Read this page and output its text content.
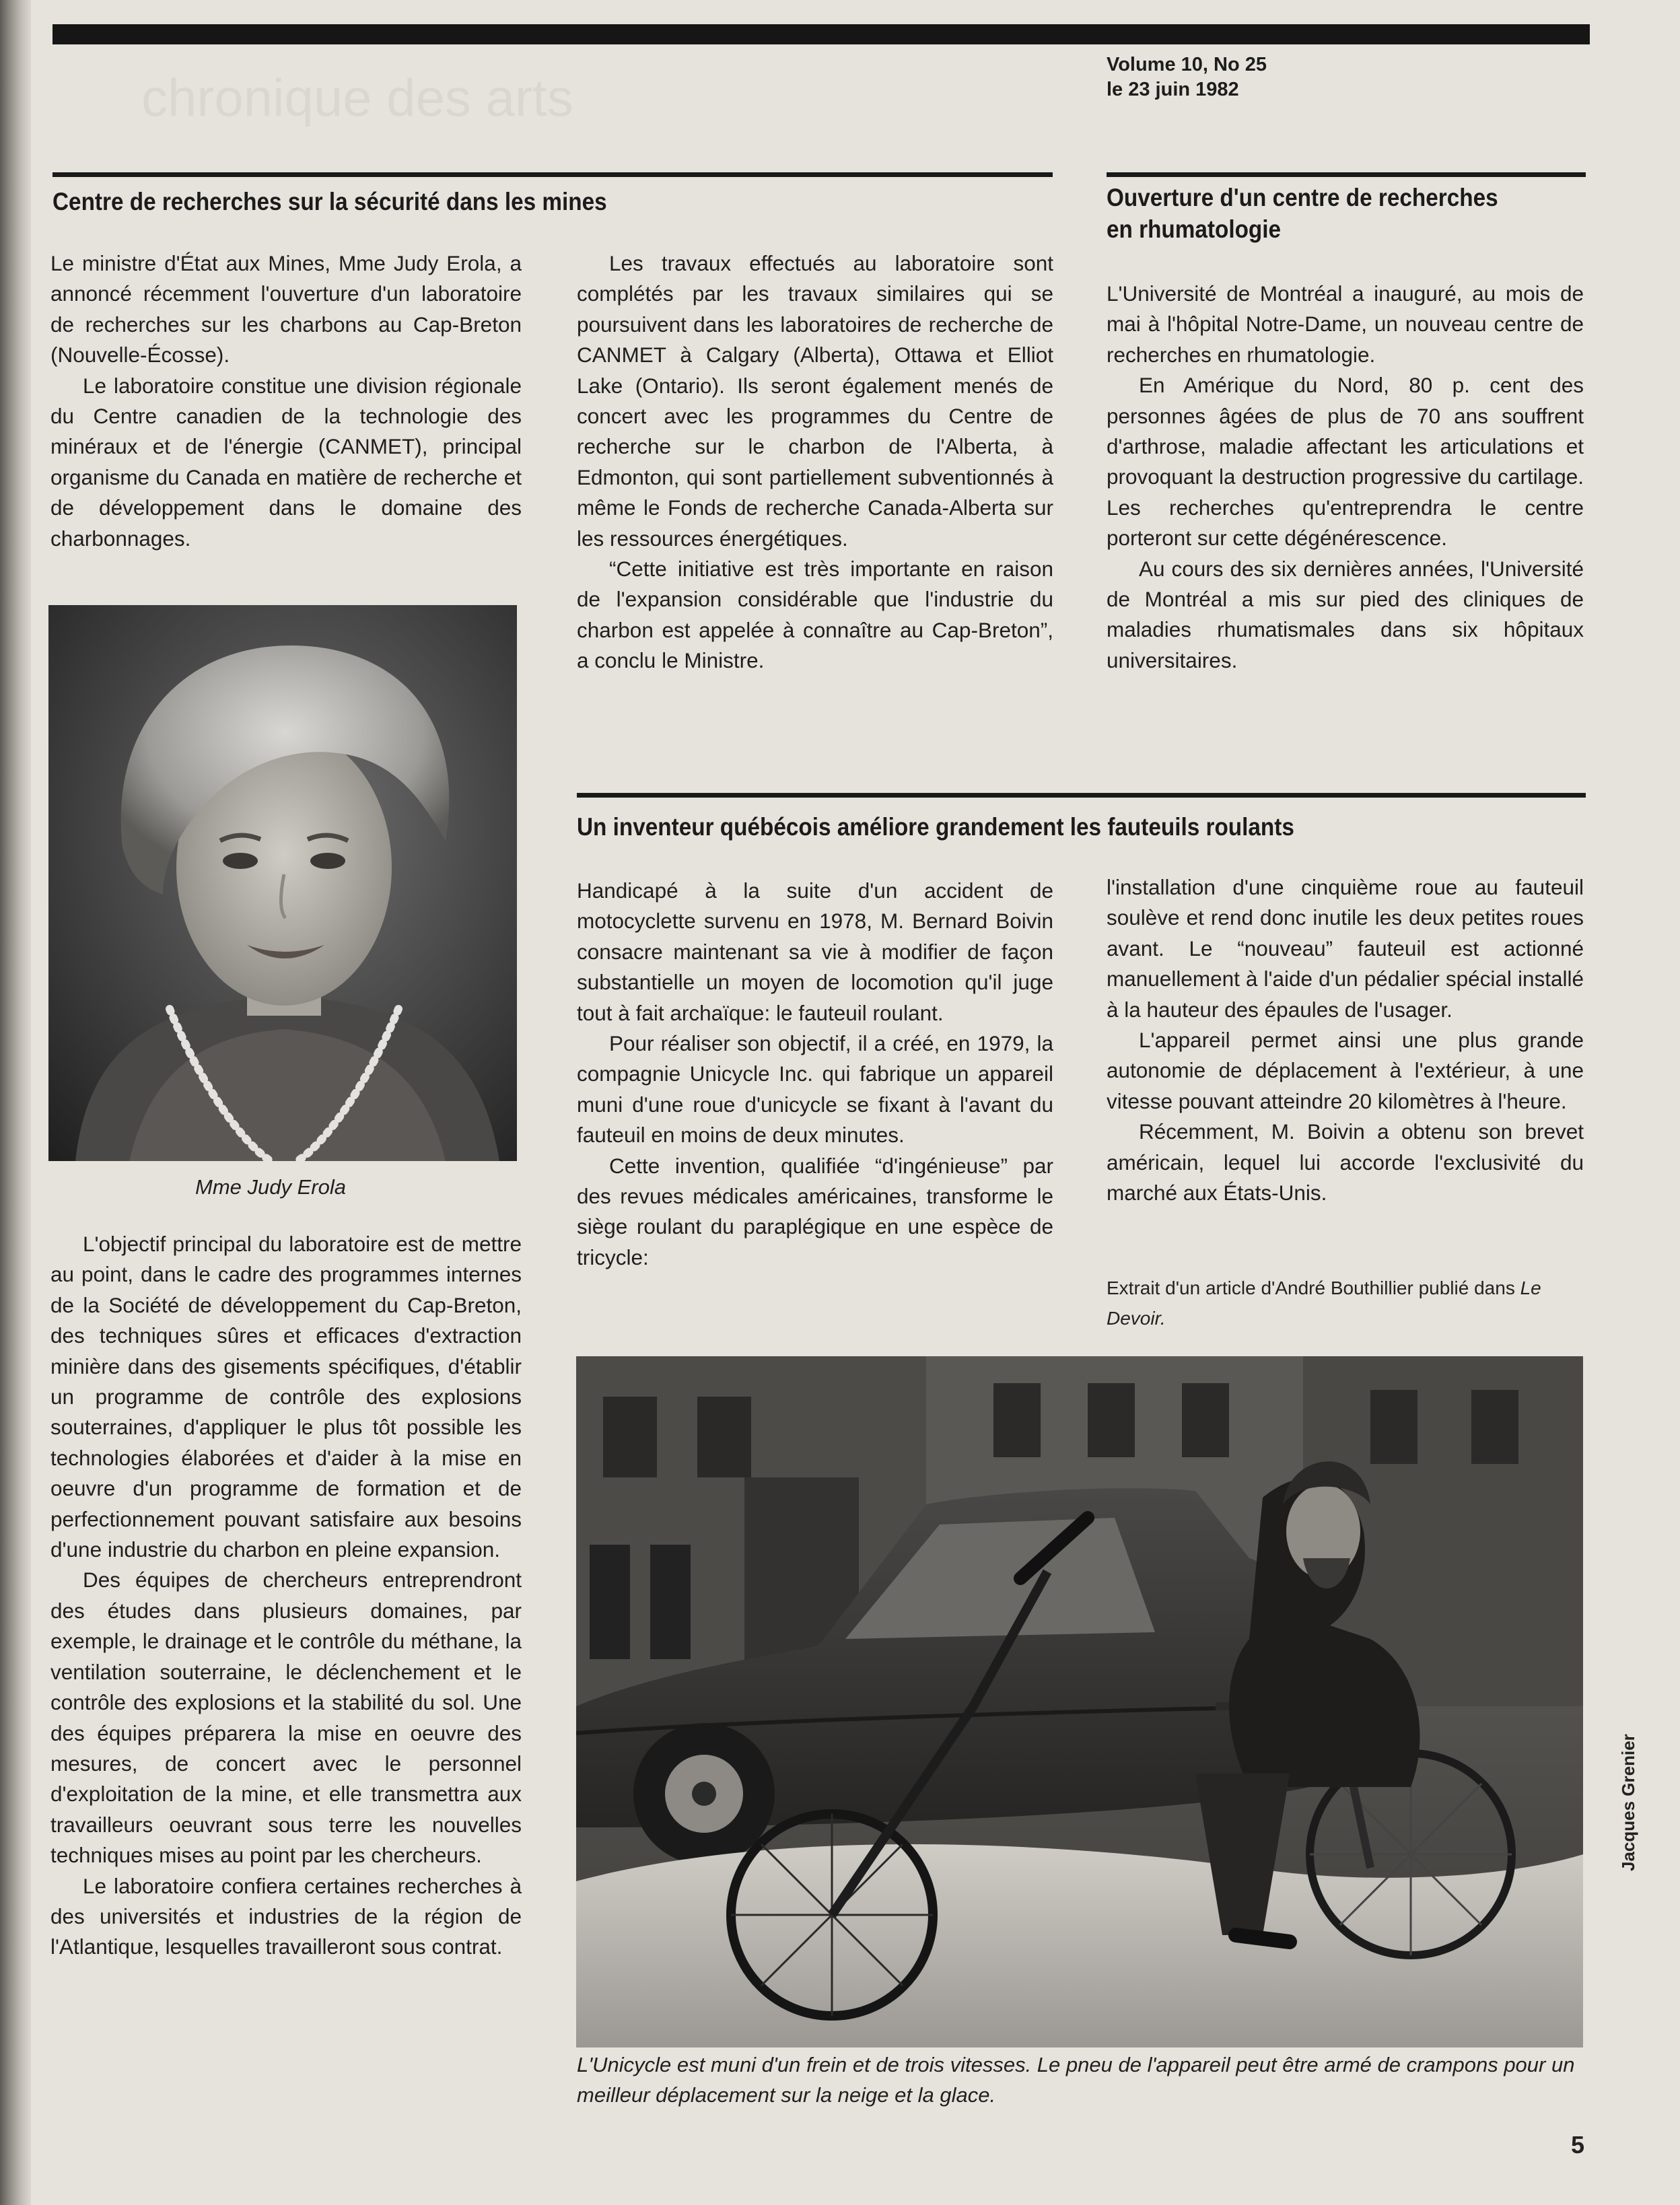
chronique des arts
Volume 10, No 25
le 23 juin 1982
Centre de recherches sur la sécurité dans les mines

Le ministre d'État aux Mines, Mme Judy Erola, a annoncé récemment l'ouverture d'un laboratoire de recherches sur les charbons au Cap-Breton (Nouvelle-Écosse).

Le laboratoire constitue une division régionale du Centre canadien de la technologie des minéraux et de l'énergie (CANMET), principal organisme du Canada en matière de recherche et de développement dans le domaine des charbonnages.

Mme Judy Erola

L'objectif principal du laboratoire est de mettre au point, dans le cadre des programmes internes de la Société de développement du Cap-Breton, des techniques sûres et efficaces d'extraction minière dans des gisements spécifiques, d'établir un programme de contrôle des explosions souterraines, d'appliquer le plus tôt possible les technologies élaborées et d'aider à la mise en oeuvre d'un programme de formation et de perfectionnement pouvant satisfaire aux besoins d'une industrie du charbon en pleine expansion.

Des équipes de chercheurs entreprendront des études dans plusieurs domaines, par exemple, le drainage et le contrôle du méthane, la ventilation souterraine, le déclenchement et le contrôle des explosions et la stabilité du sol. Une des équipes préparera la mise en oeuvre des mesures, de concert avec le personnel d'exploitation de la mine, et elle transmettra aux travailleurs oeuvrant sous terre les nouvelles techniques mises au point par les chercheurs.

Le laboratoire confiera certaines recherches à des universités et industries de la région de l'Atlantique, lesquelles travailleront sous contrat.

Les travaux effectués au laboratoire sont complétés par les travaux similaires qui se poursuivent dans les laboratoires de recherche de CANMET à Calgary (Alberta), Ottawa et Elliot Lake (Ontario). Ils seront également menés de concert avec les programmes du Centre de recherche sur le charbon de l'Alberta, à Edmonton, qui sont partiellement subventionnés à même le Fonds de recherche Canada-Alberta sur les ressources énergétiques.

“Cette initiative est très importante en raison de l'expansion considérable que l'industrie du charbon est appelée à connaître au Cap-Breton”, a conclu le Ministre.

Ouverture d'un centre de recherches
en rhumatologie

L'Université de Montréal a inauguré, au mois de mai à l'hôpital Notre-Dame, un nouveau centre de recherches en rhumatologie.

En Amérique du Nord, 80 p. cent des personnes âgées de plus de 70 ans souffrent d'arthrose, maladie affectant les articulations et provoquant la destruction progressive du cartilage. Les recherches qu'entreprendra le centre porteront sur cette dégénérescence.

Au cours des six dernières années, l'Université de Montréal a mis sur pied des cliniques de maladies rhumatismales dans six hôpitaux universitaires.

Un inventeur québécois améliore grandement les fauteuils roulants

Handicapé à la suite d'un accident de motocyclette survenu en 1978, M. Bernard Boivin consacre maintenant sa vie à modifier de façon substantielle un moyen de locomotion qu'il juge tout à fait archaïque: le fauteuil roulant.

Pour réaliser son objectif, il a créé, en 1979, la compagnie Unicycle Inc. qui fabrique un appareil muni d'une roue d'unicycle se fixant à l'avant du fauteuil en moins de deux minutes.

Cette invention, qualifiée “d'ingénieuse” par des revues médicales américaines, transforme le siège roulant du paraplégique en une espèce de tricycle:

l'installation d'une cinquième roue au fauteuil soulève et rend donc inutile les deux petites roues avant. Le “nouveau” fauteuil est actionné manuellement à l'aide d'un pédalier spécial installé à la hauteur des épaules de l'usager.

L'appareil permet ainsi une plus grande autonomie de déplacement à l'extérieur, à une vitesse pouvant atteindre 20 kilomètres à l'heure.

Récemment, M. Boivin a obtenu son brevet américain, lequel lui accorde l'exclusivité du marché aux États-Unis.

Extrait d'un article d'André Bouthillier publié dans Le Devoir.
L'Unicycle est muni d'un frein et de trois vitesses. Le pneu de l'appareil peut être armé de crampons pour un meilleur déplacement sur la neige et la glace.
Jacques Grenier
5
